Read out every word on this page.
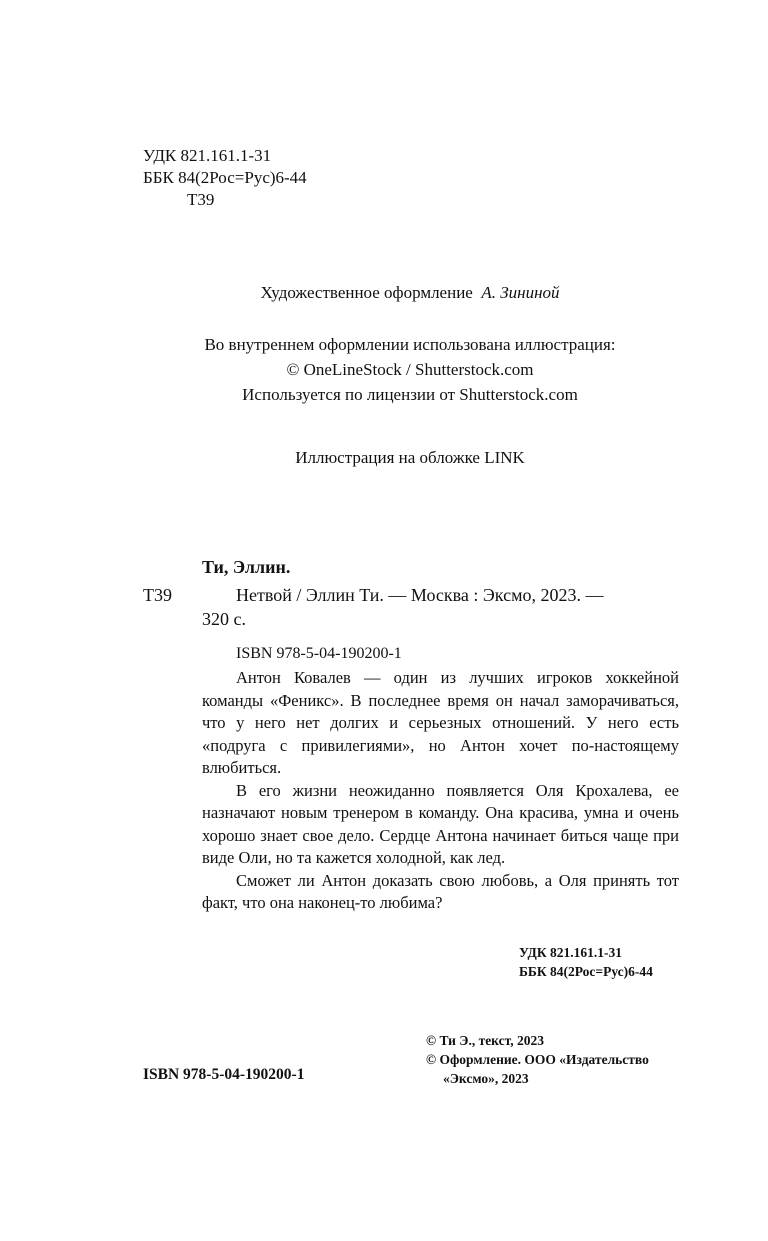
УДК 821.161.1-31
ББК 84(2Рос=Рус)6-44
Т39
Художественное оформление А. Зининой
Во внутреннем оформлении использована иллюстрация:
© OneLineStock / Shutterstock.com
Используется по лицензии от Shutterstock.com
Иллюстрация на обложке LINK
Ти, Эллин.
Т39	Нетвой / Эллин Ти. — Москва : Эксмо, 2023. —
320 с.
ISBN 978-5-04-190200-1

Антон Ковалев — один из лучших игроков хоккейной команды «Феникс». В последнее время он начал заморачиваться, что у него нет долгих и серьезных отношений. У него есть «подруга с привилегиями», но Антон хочет по-настоящему влюбиться.

В его жизни неожиданно появляется Оля Крохалева, ее назначают новым тренером в команду. Она красива, умна и очень хорошо знает свое дело. Сердце Антона начинает биться чаще при виде Оли, но та кажется холодной, как лед.

Сможет ли Антон доказать свою любовь, а Оля принять тот факт, что она наконец-то любима?

УДК 821.161.1-31
ББК 84(2Рос=Рус)6-44
© Ти Э., текст, 2023
© Оформление. ООО «Издательство
«Эксмо», 2023
ISBN 978-5-04-190200-1
